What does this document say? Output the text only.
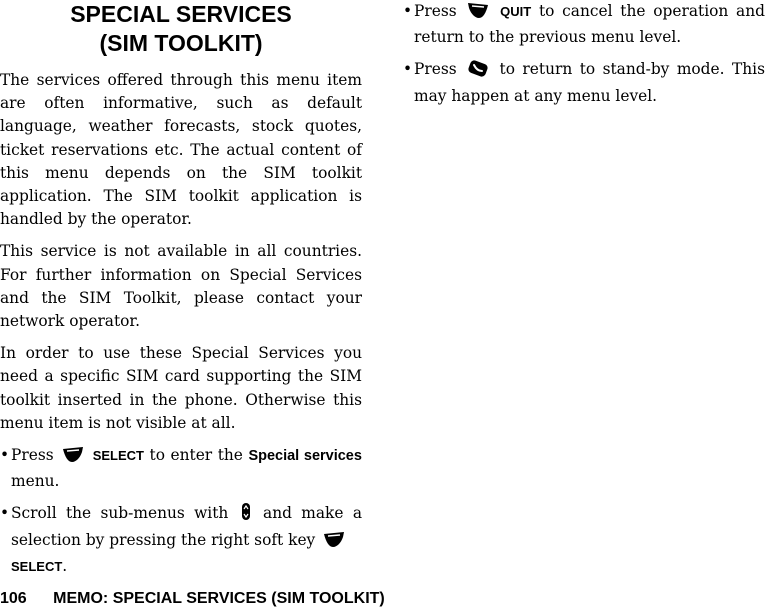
SPECIAL SERVICES
(SIM TOOLKIT)

The services offered through this menu item are often informative, such as default language, weather forecasts, stock quotes, ticket reservations etc. The actual content of this menu depends on the SIM toolkit application. The SIM toolkit application is handled by the operator.

This service is not available in all countries. For further information on Special Services and the SIM Toolkit, please contact your network operator.

In order to use these Special Services you need a specific SIM card supporting the SIM toolkit inserted in the phone. Otherwise this menu item is not visible at all.

• Press	SELECT to enter the Special services menu.

• Scroll the sub-menus with and make a selection by pressing the right soft key
SELECT.

• Press	QUIT to cancel the operation and return to the previous menu level.

• Press	to return to stand-by mode. This may happen at any menu level.

106 MEMO: SPECIAL SERVICES (SIM TOOLKIT)
